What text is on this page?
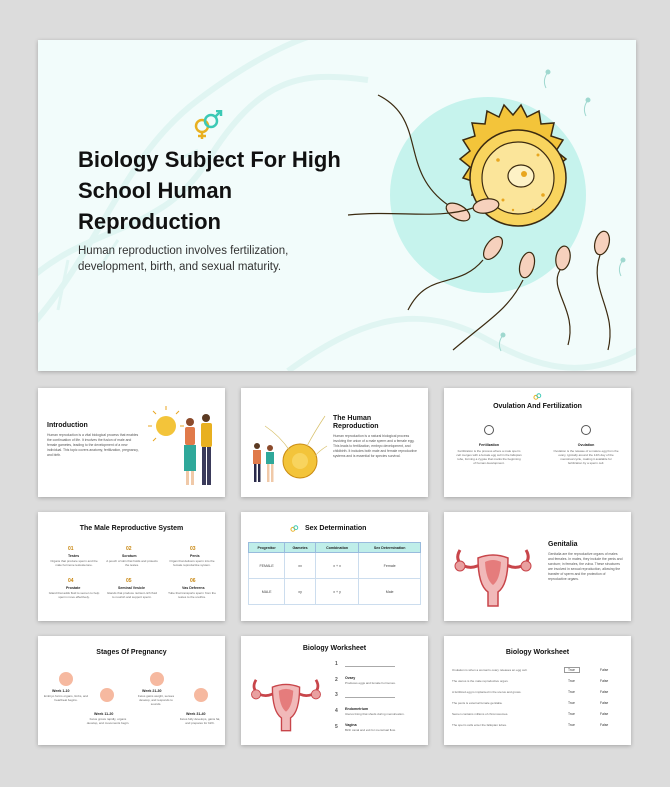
Biology Subject For High School Human Reproduction
Human reproduction involves fertilization, development, birth, and sexual maturity.
Introduction
Human reproduction is a vital biological process that enables the continuation of life. It involves the fusion of male and female gametes, leading to the development of a new individual. This topic covers anatomy, fertilization, pregnancy, and birth.
The Human Reproduction
Human reproduction is a natural biological process involving the union of a male sperm and a female egg. This leads to fertilization, embryo development, and childbirth. It includes both male and female reproductive systems and is essential for species survival.
Ovulation And Fertilization
Fertilization
Fertilization is the process where a male sperm cell merges with a female egg cell in the fallopian tube, forming a zygote that marks the beginning of human development.
Ovulation
Ovulation is the release of a mature egg from the ovary, typically around the 14th day of the menstrual cycle, making it available for fertilization by a sperm cell.
The Male Reproductive System
01
Testes
Organs that produce sperm and the male hormone testosterone.
02
Scrotum
A pouch of skin that holds and protects the testes.
03
Penis
Organ that delivers sperm into the female reproductive system.
04
Prostate
Gland that adds fluid to semen to help sperm move effectively.
05
Seminal Vesicle
Glands that produce nutrient-rich fluid to nourish and support sperm.
06
Vas Deferens
Tube that transports sperm from the testes to the urethra.
Sex Determination
Progenitor	Gametes	Combination	Sex Determination
FEMALE	xx	x + x	Female
MALE	xy	x + y	Male
Genitalia
Genitalia are the reproductive organs of males and females. In males, they include the penis and scrotum; in females, the vulva. These structures are involved in sexual reproduction, allowing the transfer of sperm and the protection of reproductive organs.
Stages Of Pregnancy
Week 1-10
Embryo forms organs, limbs, and heartbeat begins.
Week 11-20
Fetus grows rapidly, organs develop, and movements begin.
Week 21-30
Fetus gains weight, senses develop, and responds to sounds.
Week 31-40
Fetus fully develops, gains fat, and prepares for birth.
Biology Worksheet
1
2 Ovary
Produces eggs and female hormones.
3
4 Endometrium
Uterus lining that sheds during menstruation.
5 Vagina
Birth canal and exit for menstrual flow.
Biology Worksheet
Ovulation is when a woman's ovary releases an egg cell.	True	False
The uterus is the male reproductive organ.	True	False
A fertilized egg is implanted in the uterus and grows.	True	False
The penis is external female genitalia.	True	False
Semen contains millions of chromosomes.	True	False
The sperm cells enter the fallopian tubes.	True	False
